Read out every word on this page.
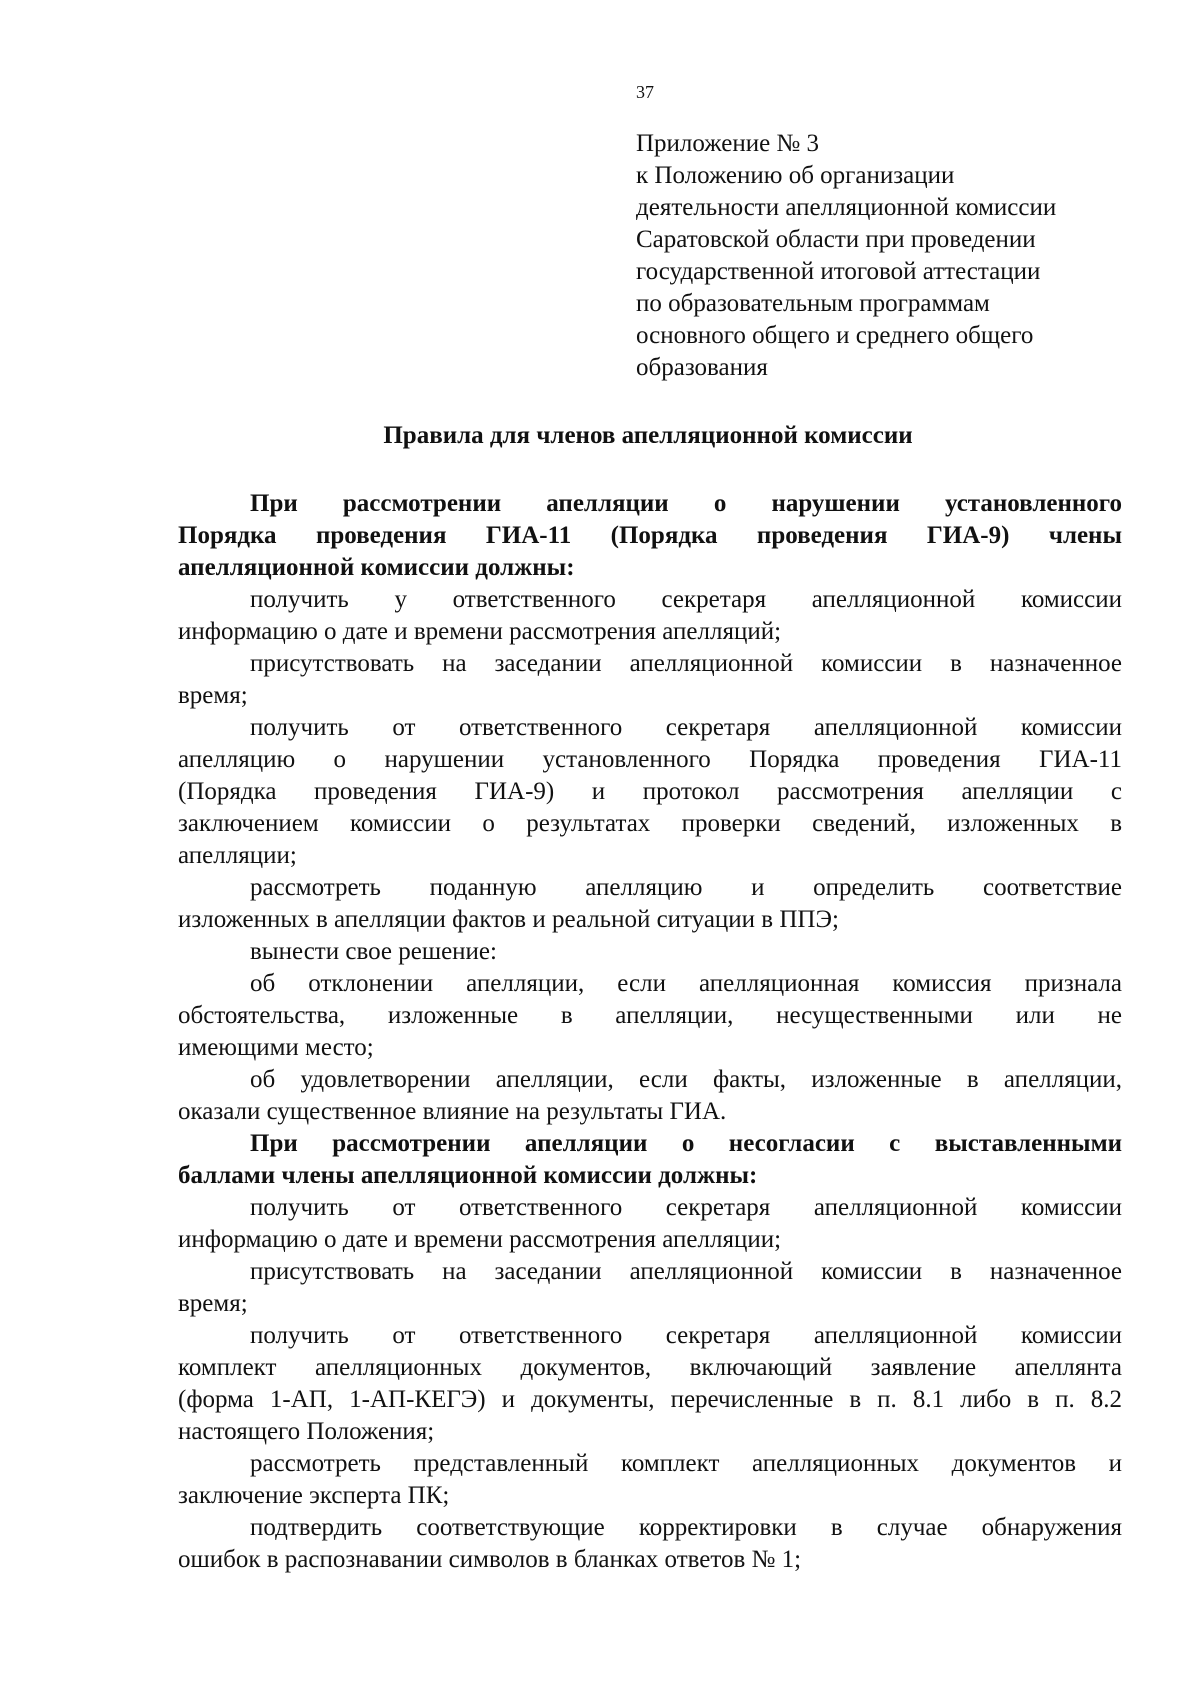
37
Приложение № 3
к Положению об организации
деятельности апелляционной комиссии
Саратовской области при проведении
государственной итоговой аттестации
по образовательным программам
основного общего и среднего общего
образования
Правила для членов апелляционной комиссии
При рассмотрении апелляции о нарушении установленного
Порядка проведения ГИА-11 (Порядка проведения ГИА-9) члены
апелляционной комиссии должны:
получить у ответственного секретаря апелляционной комиссии
информацию о дате и времени рассмотрения апелляций;
присутствовать на заседании апелляционной комиссии в назначенное
время;
получить от ответственного секретаря апелляционной комиссии
апелляцию о нарушении установленного Порядка проведения ГИА-11
(Порядка проведения ГИА-9) и протокол рассмотрения апелляции с
заключением комиссии о результатах проверки сведений, изложенных в
апелляции;
рассмотреть поданную апелляцию и определить соответствие
изложенных в апелляции фактов и реальной ситуации в ППЭ;
вынести свое решение:
об отклонении апелляции, если апелляционная комиссия признала
обстоятельства, изложенные в апелляции, несущественными или не
имеющими место;
об удовлетворении апелляции, если факты, изложенные в апелляции,
оказали существенное влияние на результаты ГИА.
При рассмотрении апелляции о несогласии с выставленными
баллами члены апелляционной комиссии должны:
получить от ответственного секретаря апелляционной комиссии
информацию о дате и времени рассмотрения апелляции;
присутствовать на заседании апелляционной комиссии в назначенное
время;
получить от ответственного секретаря апелляционной комиссии
комплект апелляционных документов, включающий заявление апеллянта
(форма 1-АП, 1-АП-КЕГЭ) и документы, перечисленные в п. 8.1 либо в п. 8.2
настоящего Положения;
рассмотреть представленный комплект апелляционных документов и
заключение эксперта ПК;
подтвердить соответствующие корректировки в случае обнаружения
ошибок в распознавании символов в бланках ответов № 1;
